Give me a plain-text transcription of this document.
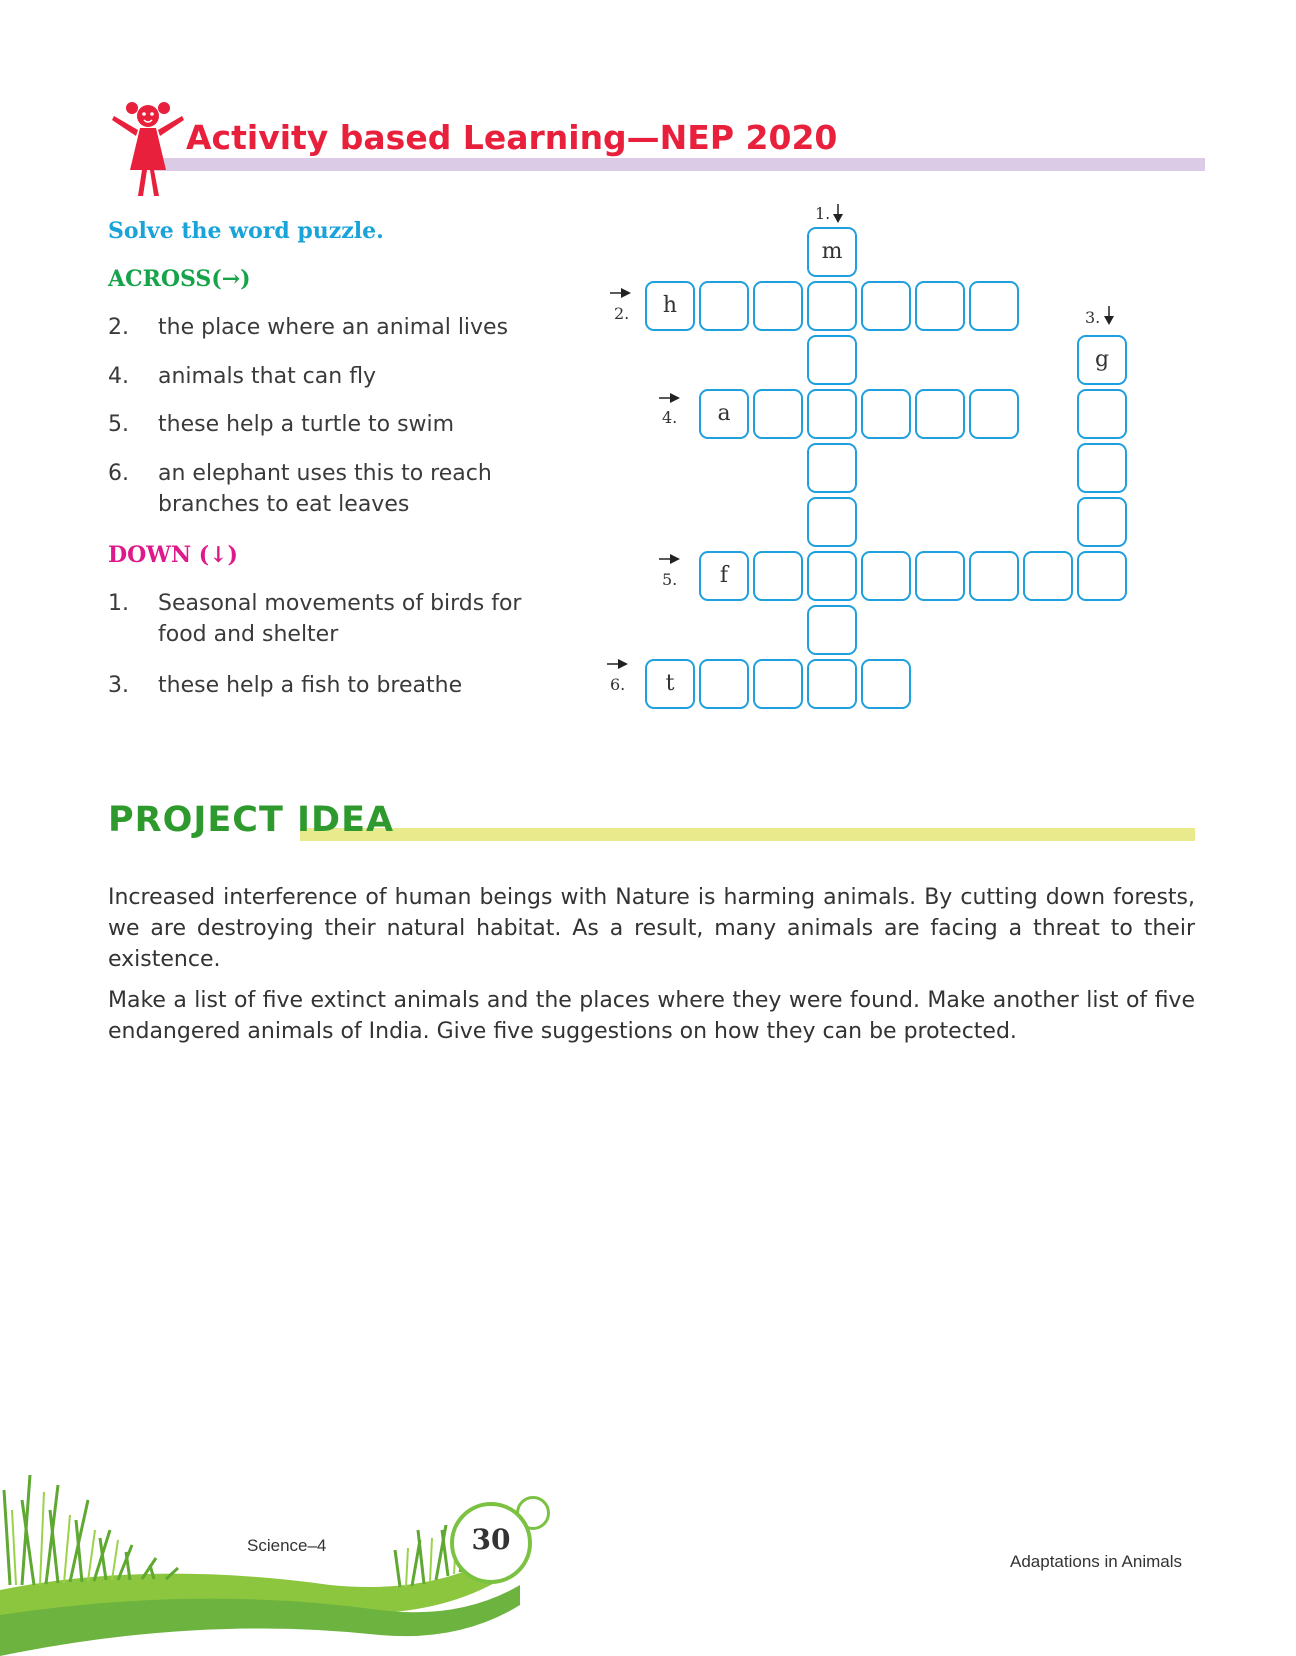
Activity based Learning—NEP 2020
Solve the word puzzle.
ACROSS(→)
2.	the place where an animal lives
4.	animals that can fly
5.	these help a turtle to swim
6.	an elephant uses this to reach branches to eat leaves
DOWN (↓)
1.	Seasonal movements of birds for food and shelter
3.	these help a fish to breathe
m
h
g
a
f
t
1.
2.	3.
4.
5.
6.
PROJECT IDEA
Increased interference of human beings with Nature is harming animals. By cutting down forests, we are destroying their natural habitat. As a result, many animals are facing a threat to their existence.
Make a list of five extinct animals and the places where they were found. Make another list of five endangered animals of India. Give five suggestions on how they can be protected.
Science–4	30
Adaptations in Animals
